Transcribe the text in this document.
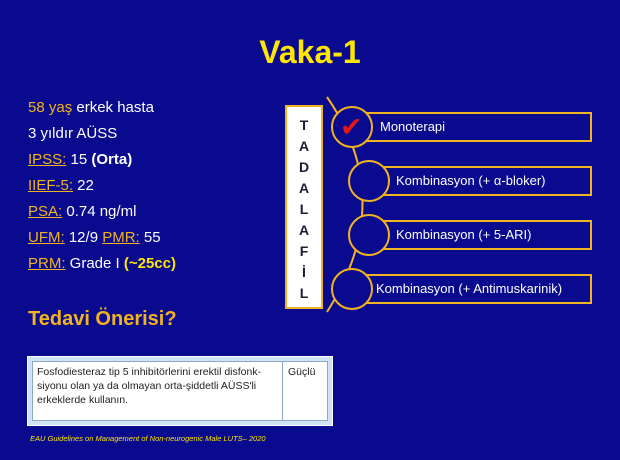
Vaka-1
58 yaş erkek hasta
3 yıldır AÜSS
IPSS: 15 (Orta)
IIEF-5: 22
PSA: 0.74 ng/ml
UFM: 12/9 PMR: 55
PRM: Grade I (~25cc)
Tedavi Önerisi?
T
A
D
A
L
A
F
İ
L
Monoterapi
✔
Kombinasyon (+ α-bloker)
Kombinasyon (+ 5-ARI)
Kombinasyon (+ Antimuskarinik)
Fosfodiesteraz tip 5 inhibitörlerini erektil disfonk-
siyonu olan ya da olmayan orta-şiddetli AÜSS'li
erkeklerde kullanın.
Güçlü
EAU Guidelines on Management of Non-neurogenic Male LUTS– 2020
